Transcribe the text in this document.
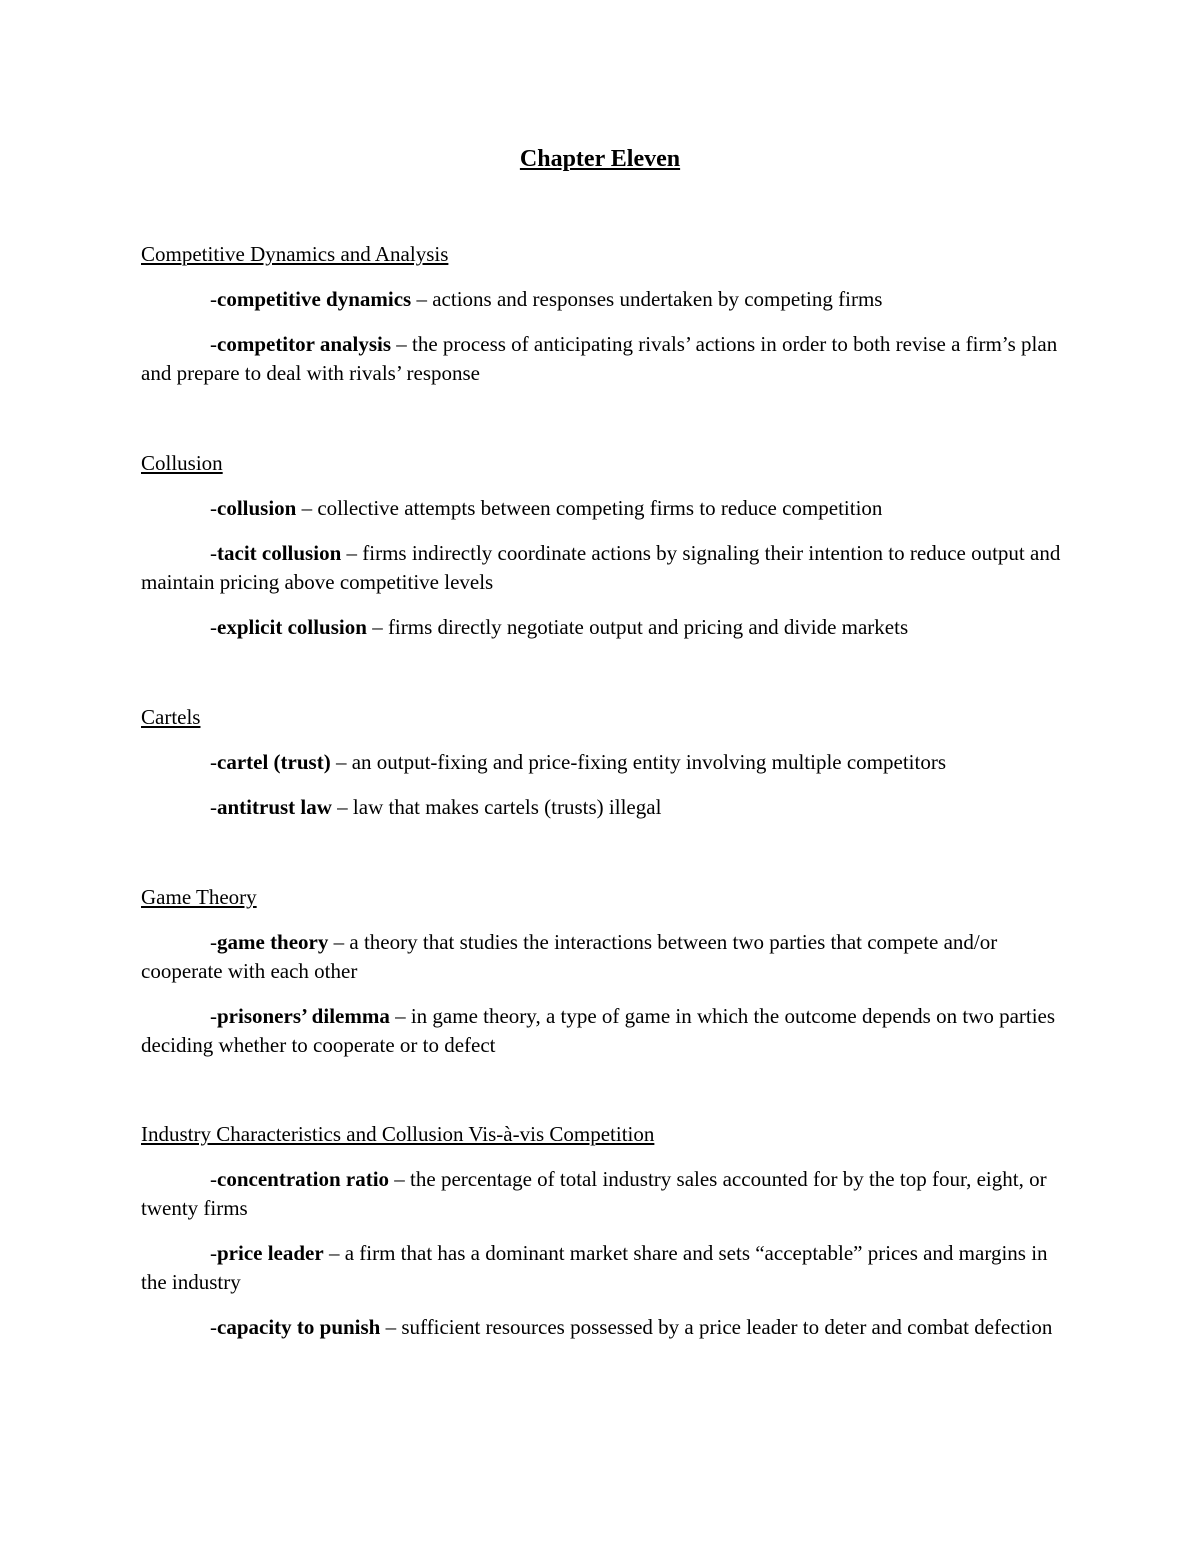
Chapter Eleven
Competitive Dynamics and Analysis
-competitive dynamics – actions and responses undertaken by competing firms
-competitor analysis – the process of anticipating rivals’ actions in order to both revise a firm’s plan and prepare to deal with rivals’ response
Collusion
-collusion – collective attempts between competing firms to reduce competition
-tacit collusion – firms indirectly coordinate actions by signaling their intention to reduce output and maintain pricing above competitive levels
-explicit collusion – firms directly negotiate output and pricing and divide markets
Cartels
-cartel (trust) – an output-fixing and price-fixing entity involving multiple competitors
-antitrust law – law that makes cartels (trusts) illegal
Game Theory
-game theory – a theory that studies the interactions between two parties that compete and/or cooperate with each other
-prisoners’ dilemma – in game theory, a type of game in which the outcome depends on two parties deciding whether to cooperate or to defect
Industry Characteristics and Collusion Vis-à-vis Competition
-concentration ratio – the percentage of total industry sales accounted for by the top four, eight, or twenty firms
-price leader – a firm that has a dominant market share and sets “acceptable” prices and margins in the industry
-capacity to punish – sufficient resources possessed by a price leader to deter and combat defection
